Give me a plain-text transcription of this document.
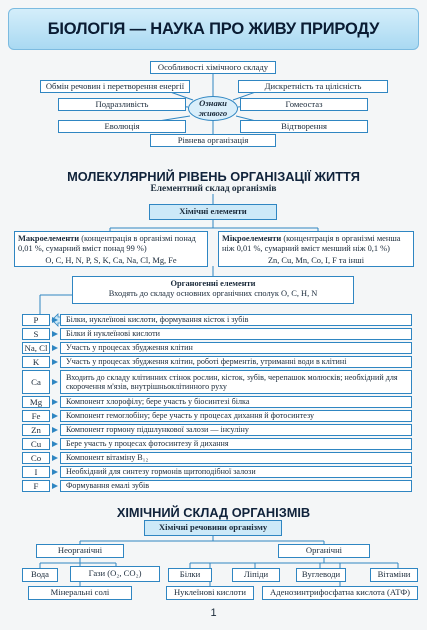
БІОЛОГІЯ — НАУКА ПРО ЖИВУ ПРИРОДУ
Особливості хімічного складу
Обмін речовин і перетворення енергії	Дискретність та цілісність
Подразливість	Гомеостаз
Еволюція	Відтворення
Ознаки живого
Рівнева організація
МОЛЕКУЛЯРНИЙ РІВЕНЬ ОРГАНІЗАЦІЇ ЖИТТЯ
Елементний склад організмів
Хімічні елементи
Макроелементи (концентрація в організмі понад 0,01 %, сумарний вміст понад 99 %)
O, C, H, N, P, S, K, Ca, Na, Cl, Mg, Fe
Мікроелементи (концентрація в організмі менша ніж 0,01 %, сумарний вміст менший ніж 0,1 %)
Zn, Cu, Mn, Co, I, F та інші
Органогенні елементи
Входять до складу основних органічних сполук O, C, H, N
P	Білки, нуклеїнові кислоти, формування кісток і зубів
S	Білки й нуклеїнові кислоти
Na, Cl	Участь у процесах збудження клітин
K	Участь у процесах збудження клітин, роботі ферментів, утриманні води в клітині
Ca	Входить до складу клітинних стінок рослин, кісток, зубів, черепашок молюсків; необхідний для скорочення м'язів, внутрішньоклітинного руху
Mg	Компонент хлорофілу; бере участь у біосинтезі білка
Fe	Компонент гемоглобіну; бере участь у процесах дихання й фотосинтезу
Zn	Компонент гормону підшлункової залози — інсуліну
Cu	Бере участь у процесах фотосинтезу й дихання
Co	Компонент вітаміну B₁₂
I	Необхідний для синтезу гормонів щитоподібної залози
F	Формування емалі зубів
ХІМІЧНИЙ СКЛАД ОРГАНІЗМІВ
Хімічні речовини організму
Неорганічні	Органічні
Вода	Гази (O₂, CO₂)
Мінеральні солі
Білки	Ліпіди	Вуглеводи	Вітаміни
Нуклеїнові кислоти	Аденозинтрифосфатна кислота (АТФ)
1
